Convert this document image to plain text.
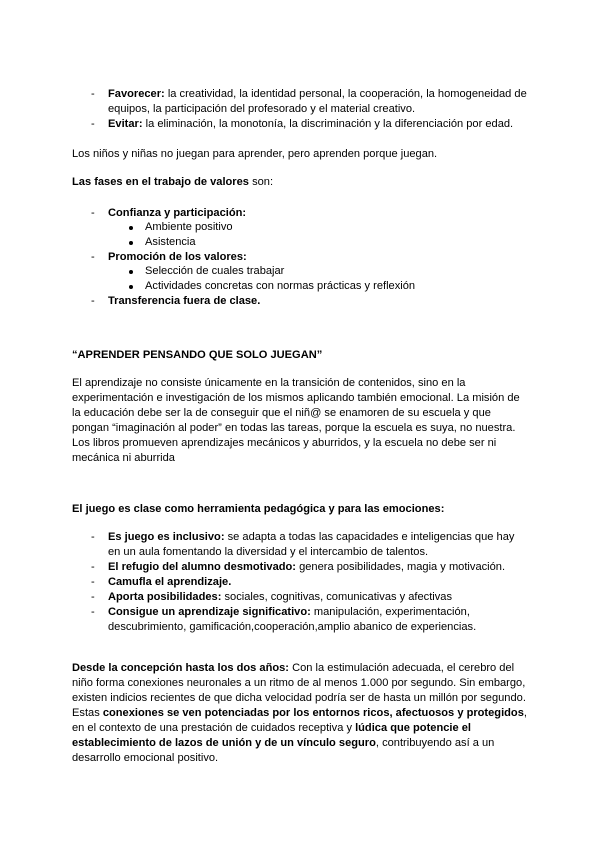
- Favorecer: la creatividad, la identidad personal, la cooperación, la homogeneidad de
equipos, la participación del profesorado y el material creativo.
- Evitar: la eliminación, la monotonía, la discriminación y la diferenciación por edad.
Los niños y niñas no juegan para aprender, pero aprenden porque juegan.
Las fases en el trabajo de valores son:
- Confianza y participación:
Ambiente positivo
Asistencia
- Promoción de los valores:
Selección de cuales trabajar
Actividades concretas con normas prácticas y reflexión
- Transferencia fuera de clase.
“APRENDER PENSANDO QUE SOLO JUEGAN”
El aprendizaje no consiste únicamente en la transición de contenidos, sino en la
experimentación e investigación de los mismos aplicando también emocional. La misión de
la educación debe ser la de conseguir que el niñ@ se enamoren de su escuela y que
pongan “imaginación al poder” en todas las tareas, porque la escuela es suya, no nuestra.
Los libros promueven aprendizajes mecánicos y aburridos, y la escuela no debe ser ni
mecánica ni aburrida
El juego es clase como herramienta pedagógica y para las emociones:
- Es juego es inclusivo: se adapta a todas las capacidades e inteligencias que hay
en un aula fomentando la diversidad y el intercambio de talentos.
- El refugio del alumno desmotivado: genera posibilidades, magia y motivación.
- Camufla el aprendizaje.
- Aporta posibilidades: sociales, cognitivas, comunicativas y afectivas
- Consigue un aprendizaje significativo: manipulación, experimentación,
descubrimiento, gamificación,cooperación,amplio abanico de experiencias.
Desde la concepción hasta los dos años: Con la estimulación adecuada, el cerebro del
niño forma conexiones neuronales a un ritmo de al menos 1.000 por segundo. Sin embargo,
existen indicios recientes de que dicha velocidad podría ser de hasta un millón por segundo.
Estas conexiones se ven potenciadas por los entornos ricos, afectuosos y protegidos,
en el contexto de una prestación de cuidados receptiva y lúdica que potencie el
establecimiento de lazos de unión y de un vínculo seguro, contribuyendo así a un
desarrollo emocional positivo.
